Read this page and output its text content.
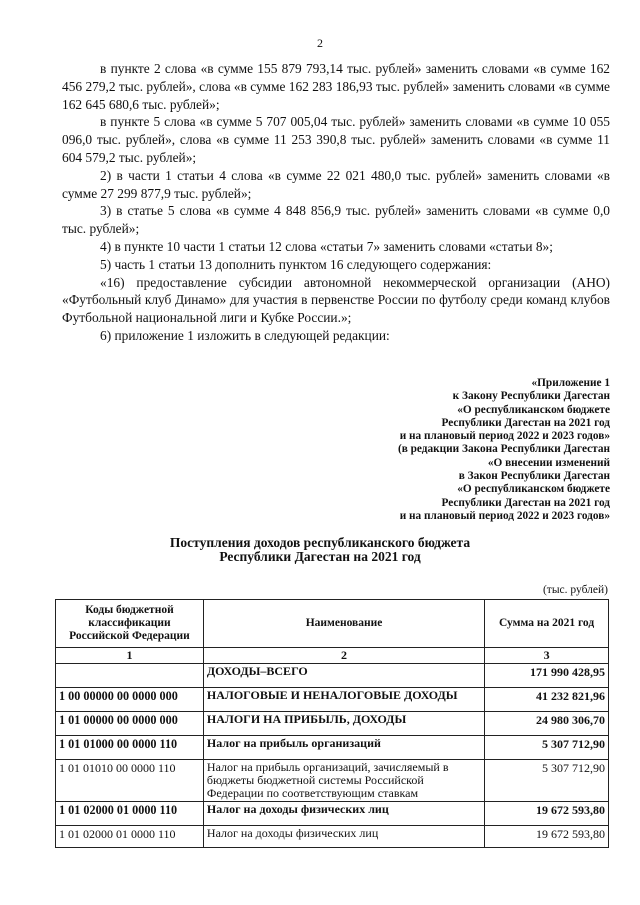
2

в пункте 2 слова «в сумме 155 879 793,14 тыс. рублей» заменить словами «в сумме 162 456 279,2 тыс. рублей», слова «в сумме 162 283 186,93 тыс. рублей» заменить словами «в сумме 162 645 680,6 тыс. рублей»;

в пункте 5 слова «в сумме 5 707 005,04 тыс. рублей» заменить словами «в сумме 10 055 096,0 тыс. рублей», слова «в сумме 11 253 390,8 тыс. рублей» заменить словами «в сумме 11 604 579,2 тыс. рублей»;

2) в части 1 статьи 4 слова «в сумме 22 021 480,0 тыс. рублей» заменить словами «в сумме 27 299 877,9 тыс. рублей»;

3) в статье 5 слова «в сумме 4 848 856,9 тыс. рублей» заменить словами «в сумме 0,0 тыс. рублей»;

4) в пункте 10 части 1 статьи 12 слова «статьи 7» заменить словами «статьи 8»;

5) часть 1 статьи 13 дополнить пунктом 16 следующего содержания:

«16) предоставление субсидии автономной некоммерческой организации (АНО) «Футбольный клуб Динамо» для участия в первенстве России по футболу среди команд клубов Футбольной национальной лиги и Кубке России.»;

6) приложение 1 изложить в следующей редакции:

«Приложение 1
к Закону Республики Дагестан
«О республиканском бюджете
Республики Дагестан на 2021 год
и на плановый период 2022 и 2023 годов»
(в редакции Закона Республики Дагестан
«О внесении изменений
в Закон Республики Дагестан
«О республиканском бюджете
Республики Дагестан на 2021 год
и на плановый период 2022 и 2023 годов»
Поступления доходов республиканского бюджета
Республики Дагестан на 2021 год
(тыс. рублей)
Коды бюджетной классификации Российской Федерации	Наименование	Сумма на 2021 год
1	2	3
	ДОХОДЫ–ВСЕГО	171 990 428,95
1 00 00000 00 0000 000	НАЛОГОВЫЕ И НЕНАЛОГОВЫЕ ДОХОДЫ	41 232 821,96
1 01 00000 00 0000 000	НАЛОГИ НА ПРИБЫЛЬ, ДОХОДЫ	24 980 306,70
1 01 01000 00 0000 110	Налог на прибыль организаций	5 307 712,90
1 01 01010 00 0000 110	Налог на прибыль организаций, зачисляемый в бюджеты бюджетной системы Российской Федерации по соответствующим ставкам	5 307 712,90
1 01 02000 01 0000 110	Налог на доходы физических лиц	19 672 593,80
1 01 02000 01 0000 110	Налог на доходы физических лиц	19 672 593,80
